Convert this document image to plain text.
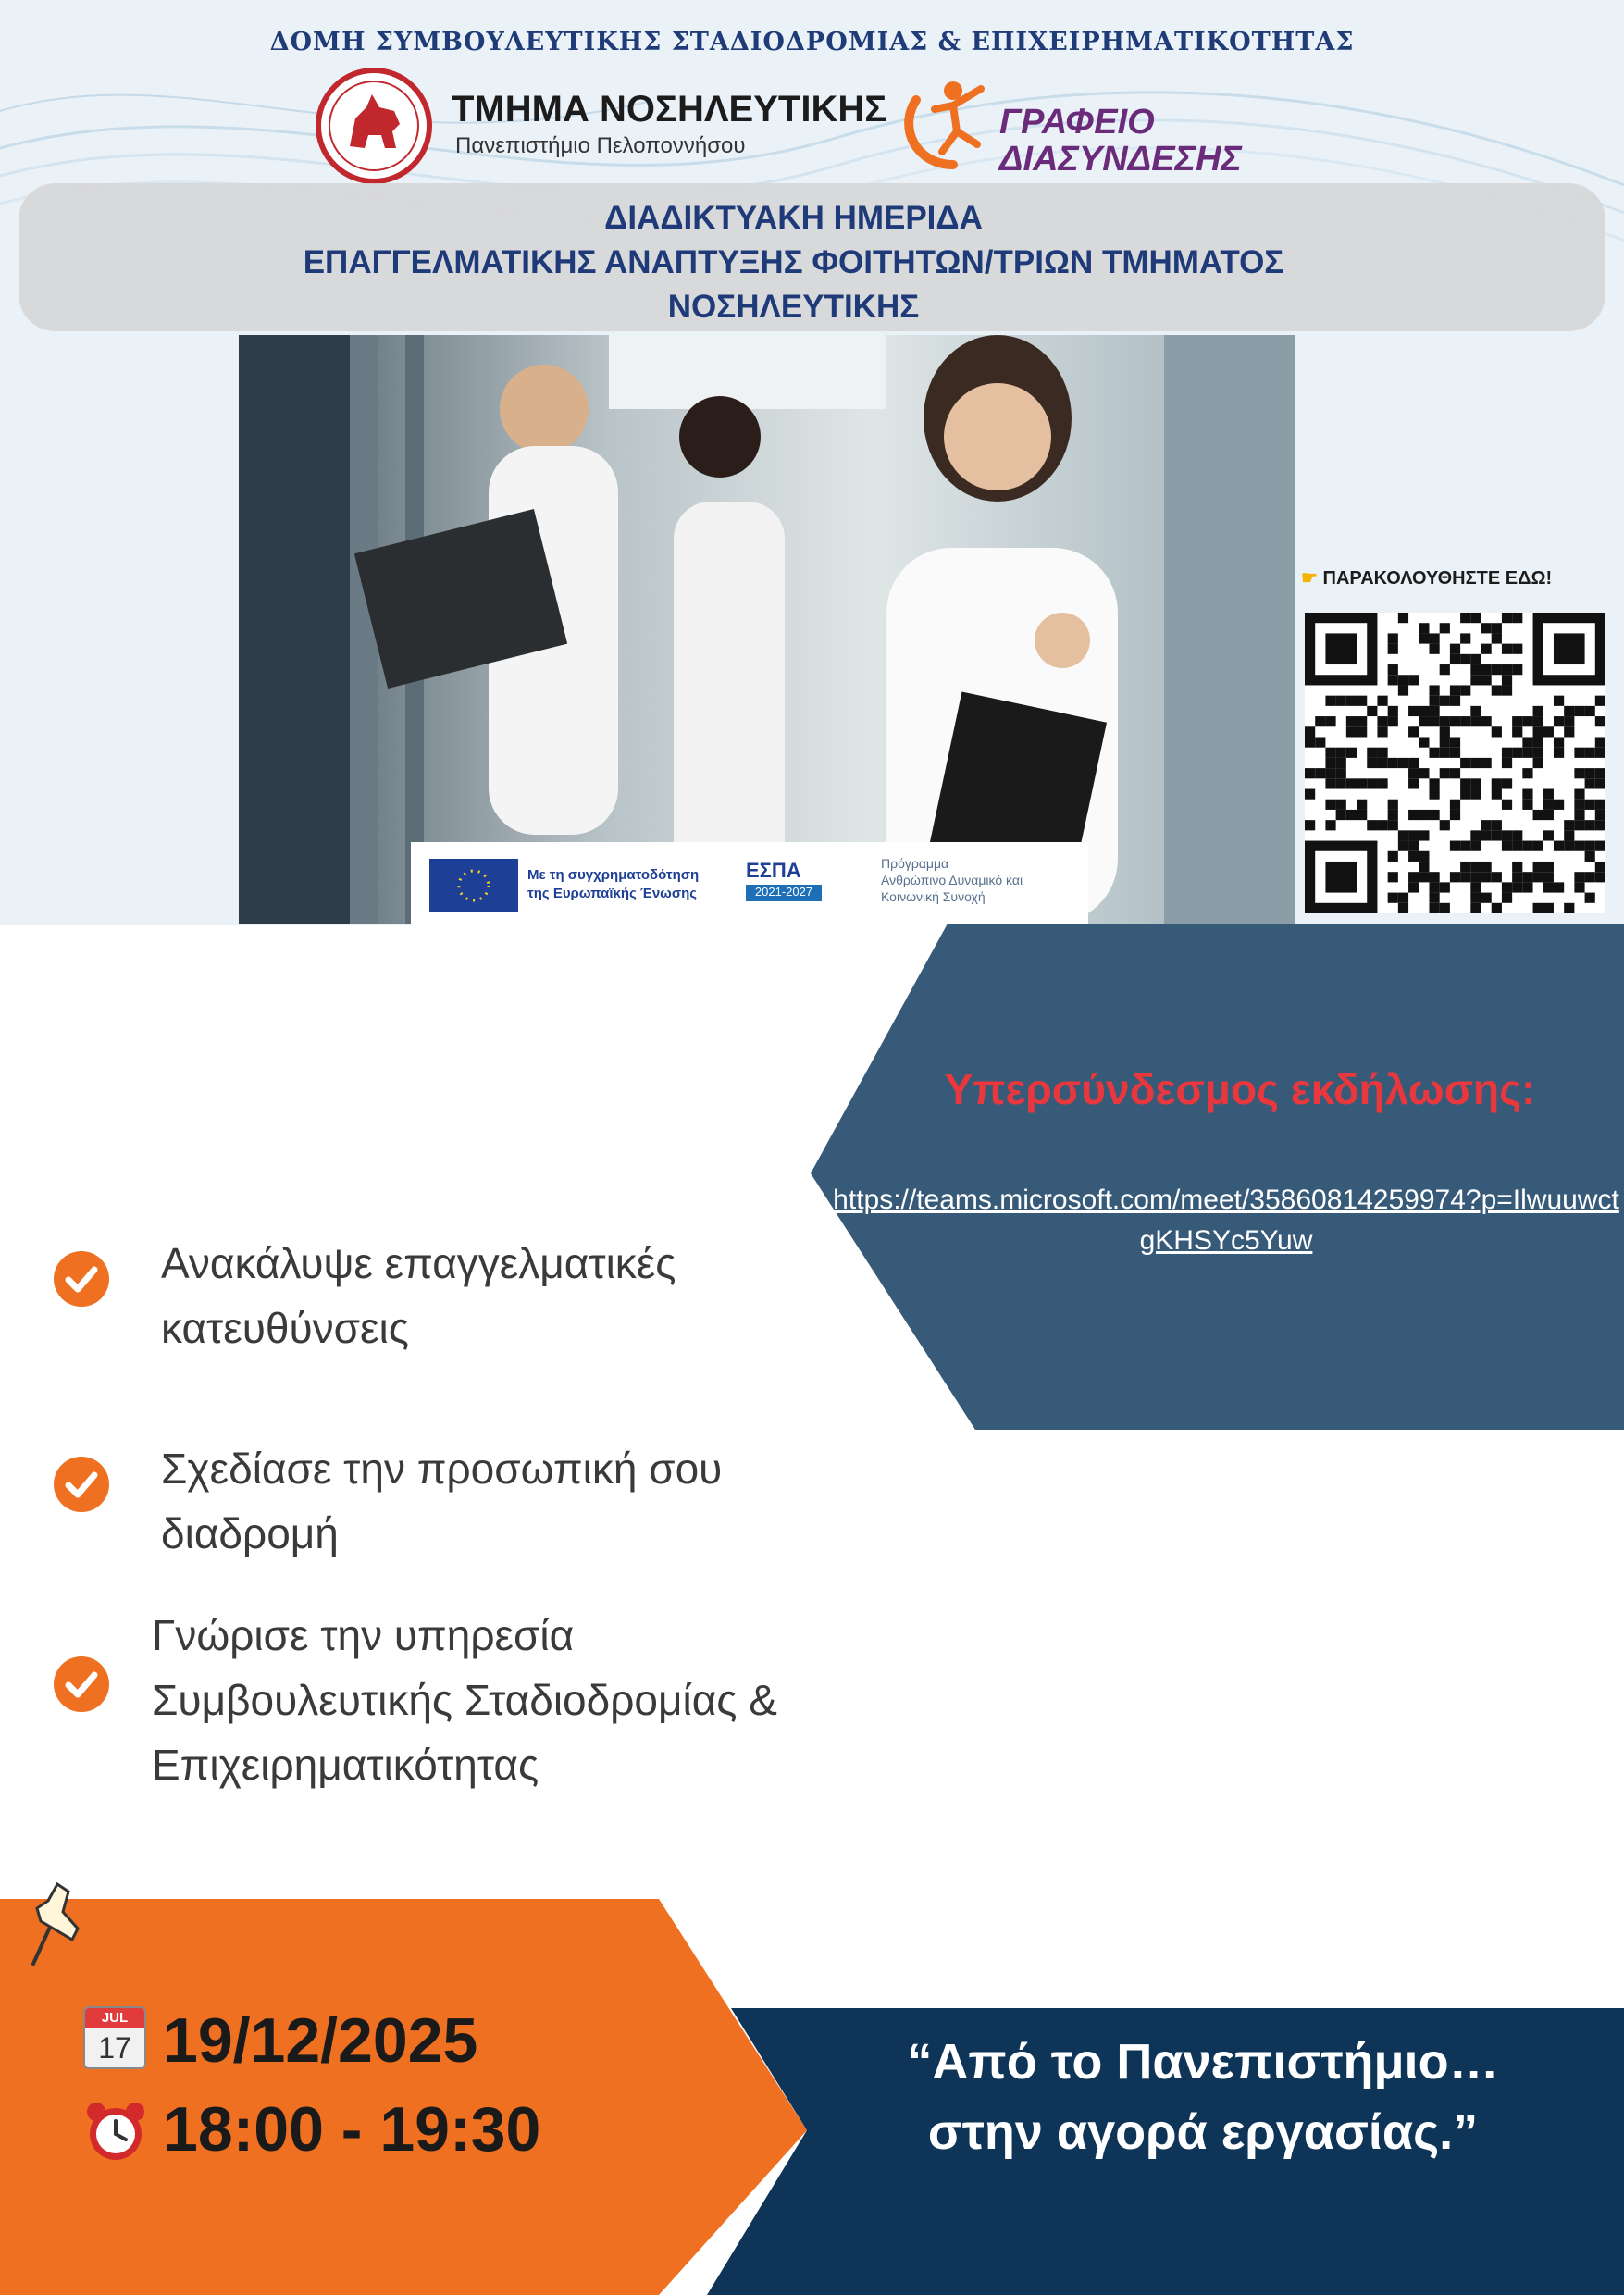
ΔΟΜΗ ΣΥΜΒΟΥΛΕΥΤΙΚΗΣ ΣΤΑΔΙΟΔΡΟΜΙΑΣ & ΕΠΙΧΕΙΡΗΜΑΤΙΚΟΤΗΤΑΣ
ΤΜΗΜΑ ΝΟΣΗΛΕΥΤΙΚΗΣ
Πανεπιστήμιο Πελοποννήσου
ΓΡΑΦΕΙΟ
ΔΙΑΣΥΝΔΕΣΗΣ
ΔΙΑΔΙΚΤΥΑΚΗ ΗΜΕΡΙΔΑ
ΕΠΑΓΓΕΛΜΑΤΙΚΗΣ ΑΝΑΠΤΥΞΗΣ ΦΟΙΤΗΤΩΝ/ΤΡΙΩΝ ΤΜΗΜΑΤΟΣ
ΝΟΣΗΛΕΥΤΙΚΗΣ
Με τη συγχρηματοδότηση
της Ευρωπαϊκής Ένωσης
ΕΣΠΑ
2021-2027
Πρόγραμμα
Ανθρώπινο Δυναμικό και
Κοινωνική Συνοχή
☛ ΠΑΡΑΚΟΛΟΥΘΗΣΤΕ ΕΔΩ!
Υπερσύνδεσμος εκδήλωσης:
https://teams.microsoft.com/meet/35860814259974?p=IlwuuwctgKHSYc5Yuw
Ανακάλυψε επαγγελματικές
κατευθύνσεις
Σχεδίασε την προσωπική σου
διαδρομή
Γνώρισε την υπηρεσία
Συμβουλευτικής Σταδιοδρομίας &
Επιχειρηματικότητας
JUL
17 19/12/2025
18:00 - 19:30
“Από το Πανεπιστήμιο…
στην αγορά εργασίας.”
